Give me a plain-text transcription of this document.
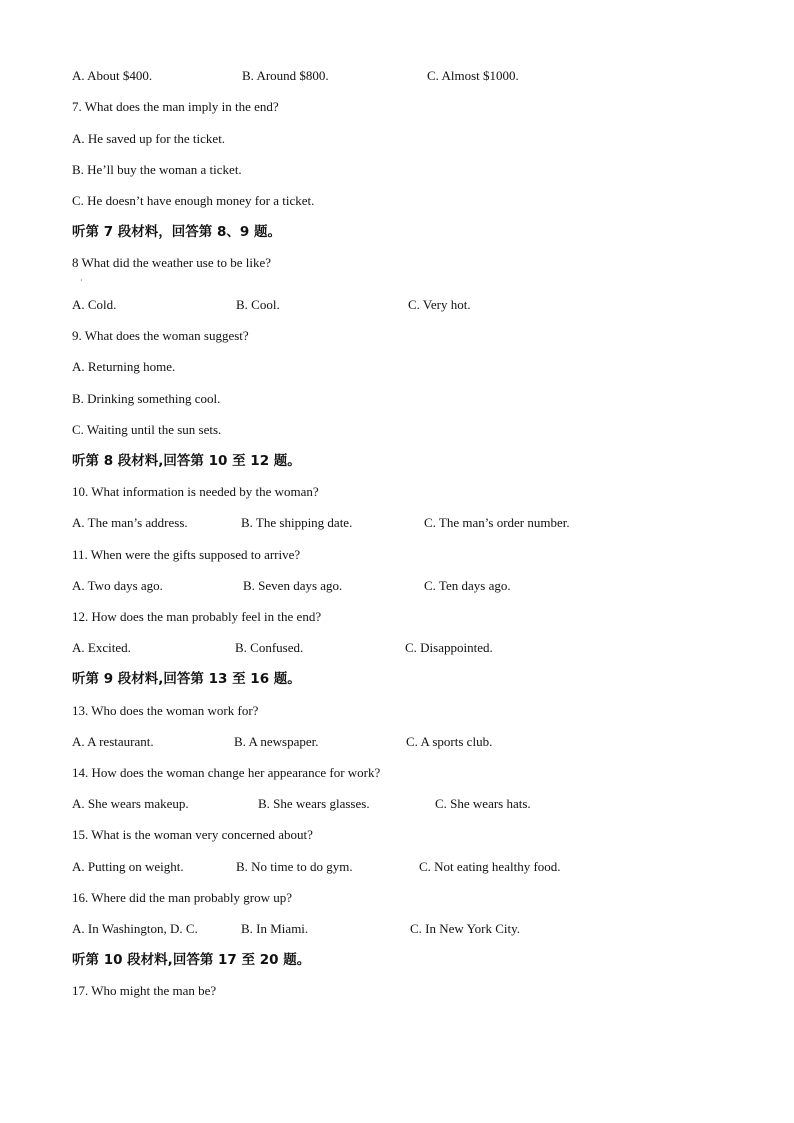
A. About $400.	B. Around $800.	C. Almost $1000.
7. What does the man imply in the end?
A. He saved up for the ticket.
B. He’ll buy the woman a ticket.
C. He doesn’t have enough money for a ticket.
听第 7 段材料，回答第 8、9 题。
8 What did the weather use to be like?
·
A. Cold.	B. Cool.	C. Very hot.
9. What does the woman suggest?
A. Returning home.
B. Drinking something cool.
C. Waiting until the sun sets.
听第 8 段材料,回答第 10 至 12 题。
10. What information is needed by the woman?
A. The man’s address.	B. The shipping date.	C. The man’s order number.
11. When were the gifts supposed to arrive?
A. Two days ago.	B. Seven days ago.	C. Ten days ago.
12. How does the man probably feel in the end?
A. Excited.	B. Confused.	C. Disappointed.
听第 9 段材料,回答第 13 至 16 题。
13. Who does the woman work for?
A. A restaurant.	B. A newspaper.	C. A sports club.
14. How does the woman change her appearance for work?
A. She wears makeup.	B. She wears glasses.	C. She wears hats.
15. What is the woman very concerned about?
A. Putting on weight.	B. No time to do gym.	C. Not eating healthy food.
16. Where did the man probably grow up?
A. In Washington, D. C.	B. In Miami.	C. In New York City.
听第 10 段材料,回答第 17 至 20 题。
17. Who might the man be?
